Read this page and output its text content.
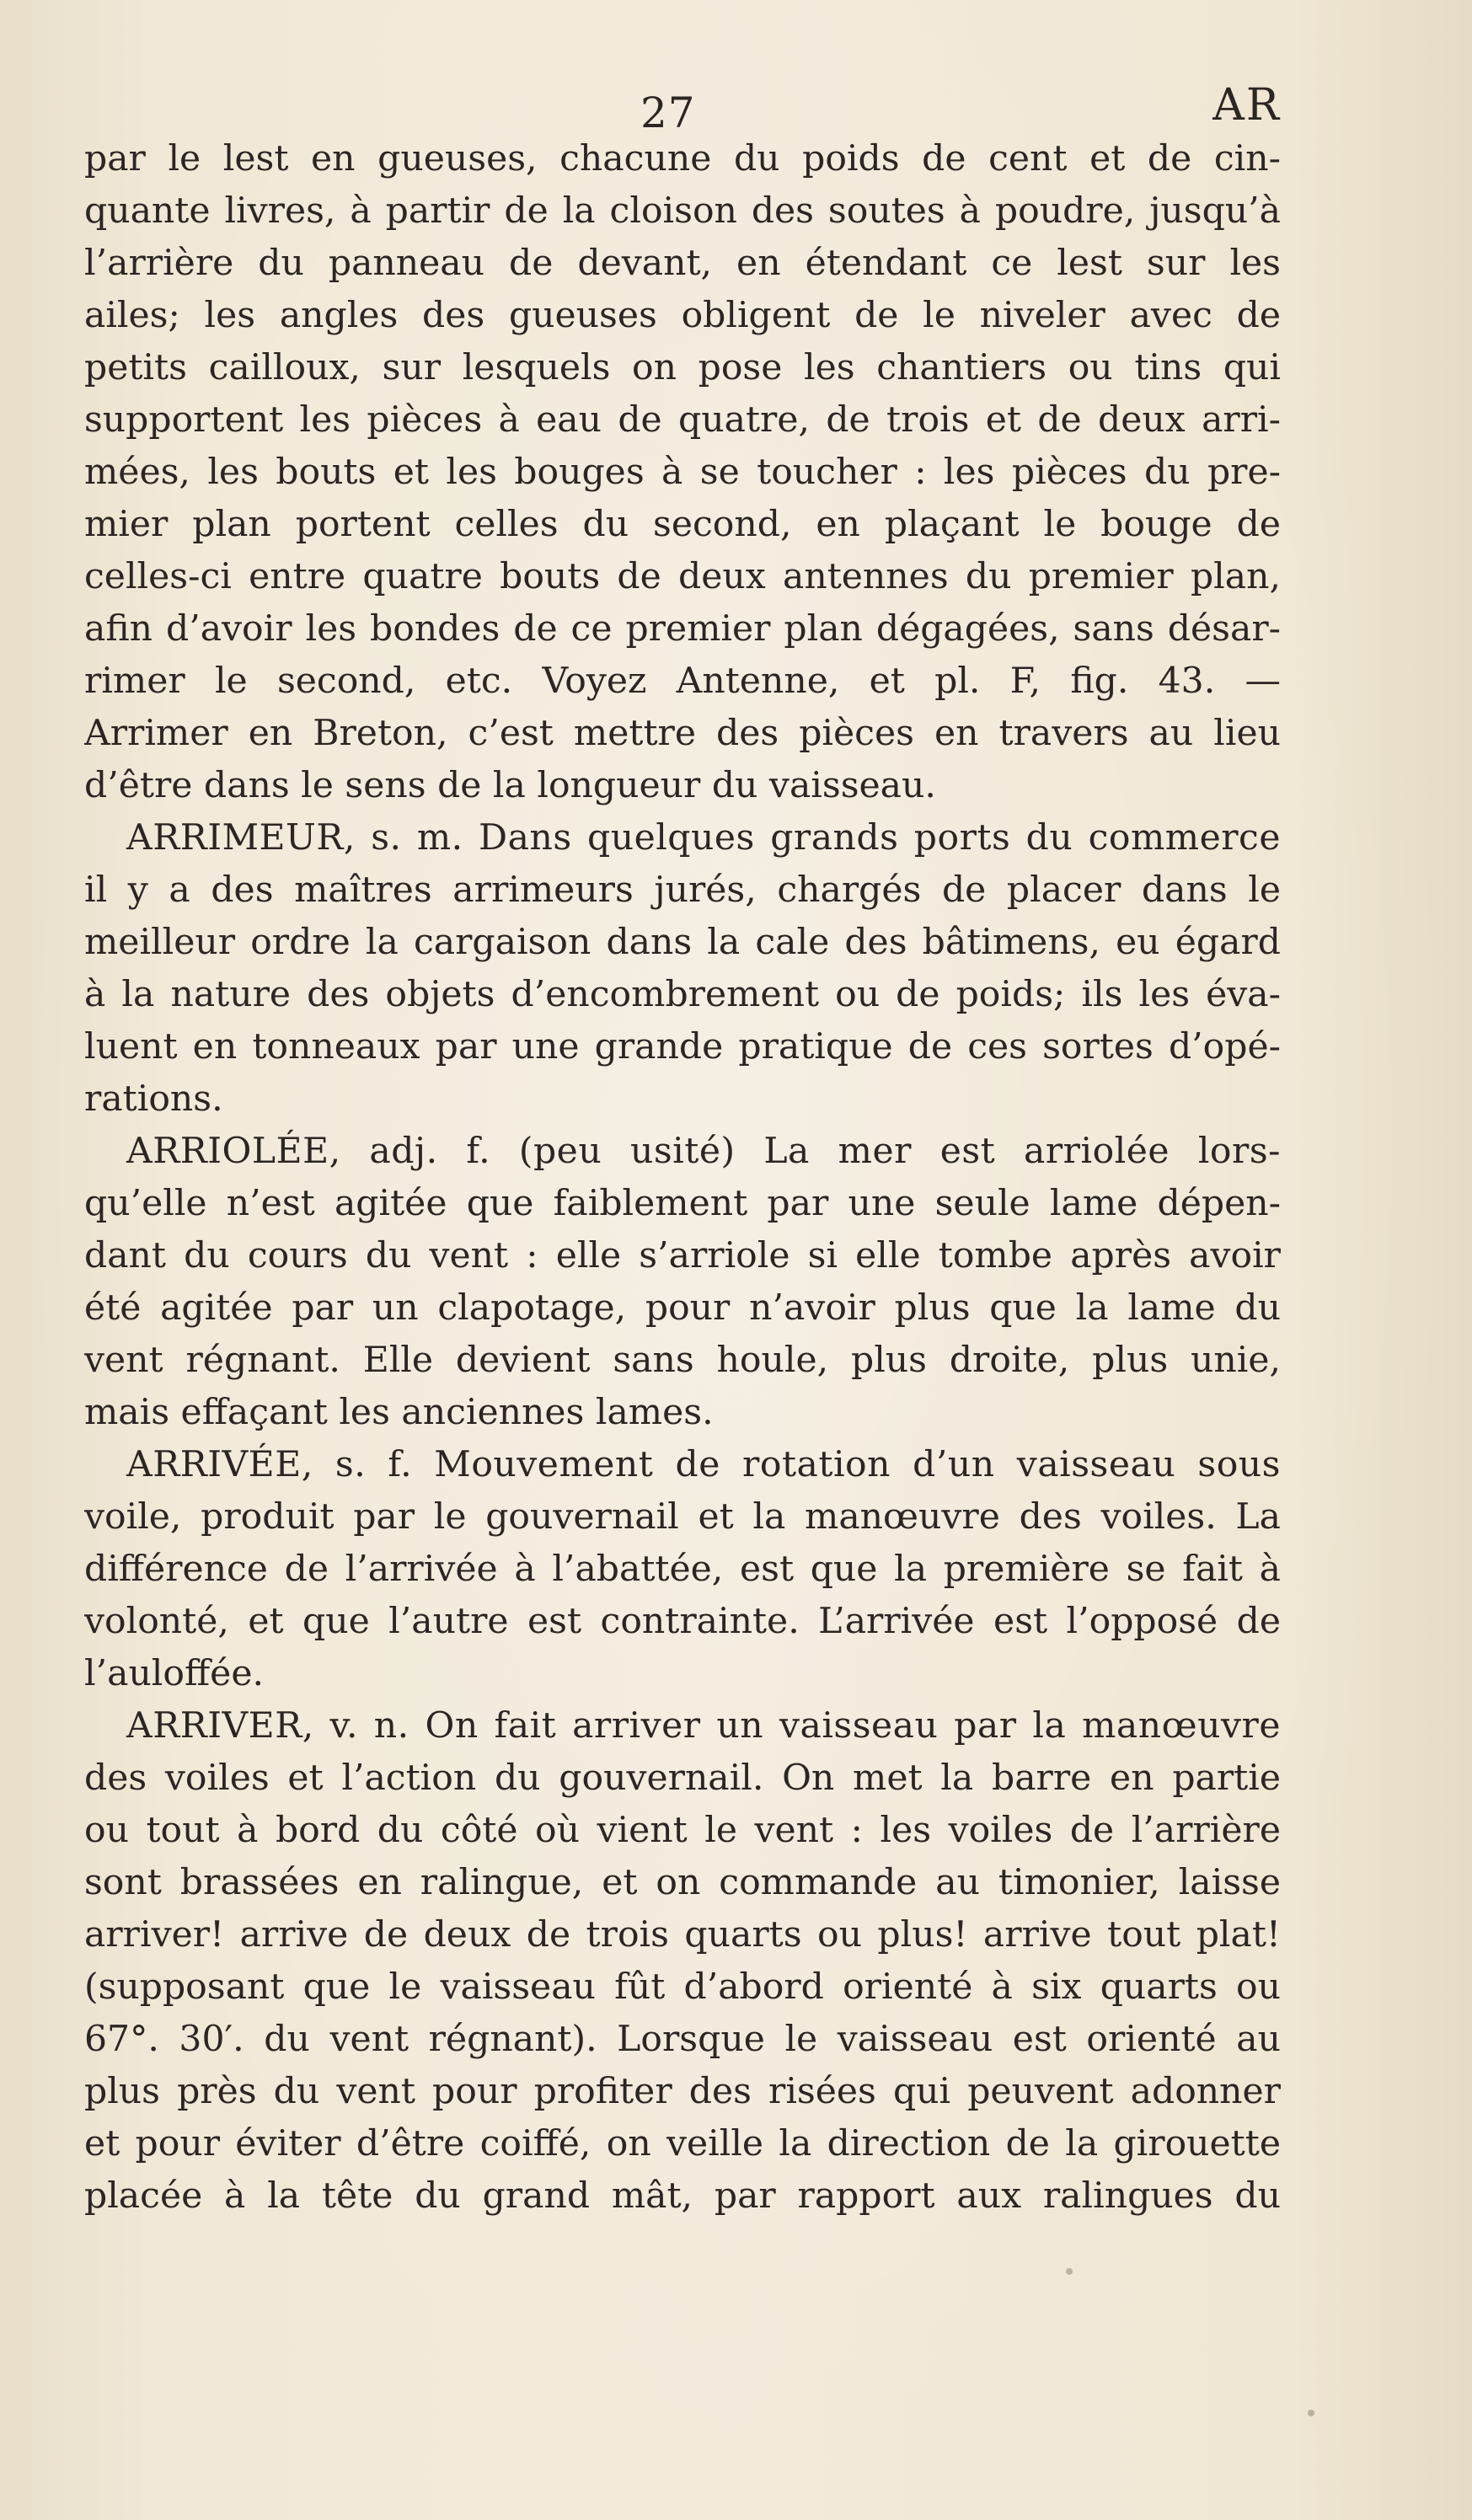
27	AR
par le lest en gueuses, chacune du poids de cent et de cin-
quante livres, à partir de la cloison des soutes à poudre, jusqu’à
l’arrière du panneau de devant, en étendant ce lest sur les
ailes; les angles des gueuses obligent de le niveler avec de
petits cailloux, sur lesquels on pose les chantiers ou tins qui
supportent les pièces à eau de quatre, de trois et de deux arri-
mées, les bouts et les bouges à se toucher : les pièces du pre-
mier plan portent celles du second, en plaçant le bouge de
celles-ci entre quatre bouts de deux antennes du premier plan,
afin d’avoir les bondes de ce premier plan dégagées, sans désar-
rimer le second, etc. Voyez Antenne, et pl. F, fig. 43. —
Arrimer en Breton, c’est mettre des pièces en travers au lieu
d’être dans le sens de la longueur du vaisseau.
ARRIMEUR, s. m. Dans quelques grands ports du commerce
il y a des maîtres arrimeurs jurés, chargés de placer dans le
meilleur ordre la cargaison dans la cale des bâtimens, eu égard
à la nature des objets d’encombrement ou de poids; ils les éva-
luent en tonneaux par une grande pratique de ces sortes d’opé-
rations.
ARRIOLÉE, adj. f. (peu usité) La mer est arriolée lors-
qu’elle n’est agitée que faiblement par une seule lame dépen-
dant du cours du vent : elle s’arriole si elle tombe après avoir
été agitée par un clapotage, pour n’avoir plus que la lame du
vent régnant. Elle devient sans houle, plus droite, plus unie,
mais effaçant les anciennes lames.
ARRIVÉE, s. f. Mouvement de rotation d’un vaisseau sous
voile, produit par le gouvernail et la manœuvre des voiles. La
différence de l’arrivée à l’abattée, est que la première se fait à
volonté, et que l’autre est contrainte. L’arrivée est l’opposé de
l’auloffée.
ARRIVER, v. n. On fait arriver un vaisseau par la manœuvre
des voiles et l’action du gouvernail. On met la barre en partie
ou tout à bord du côté où vient le vent : les voiles de l’arrière
sont brassées en ralingue, et on commande au timonier, laisse
arriver! arrive de deux de trois quarts ou plus! arrive tout plat!
(supposant que le vaisseau fût d’abord orienté à six quarts ou
67°. 30′. du vent régnant). Lorsque le vaisseau est orienté au
plus près du vent pour profiter des risées qui peuvent adonner
et pour éviter d’être coiffé, on veille la direction de la girouette
placée à la tête du grand mât, par rapport aux ralingues du
